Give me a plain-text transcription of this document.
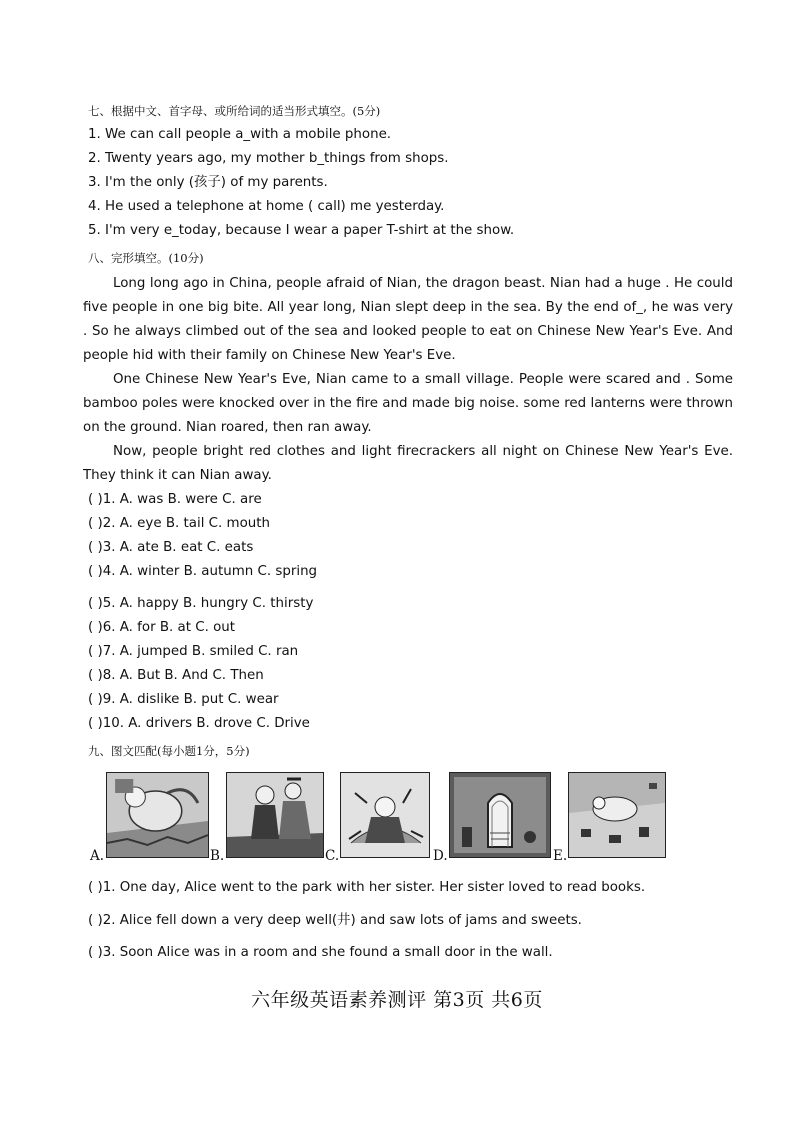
七、根据中文、首字母、或所给词的适当形式填空。(5分)
1. We can call people a_with a mobile phone.
2. Twenty years ago, my mother b_things from shops.
3. I'm the only (孩子) of my parents.
4. He used a telephone at home ( call) me yesterday.
5. I'm very e_today, because I wear a paper T-shirt at the show.
八、完形填空。(10分)
Long long ago in China, people afraid of Nian, the dragon beast. Nian had a huge . He could five people in one big bite. All year long, Nian slept deep in the sea. By the end of_, he was very . So he always climbed out of the sea and looked people to eat on Chinese New Year's Eve. And people hid with their family on Chinese New Year's Eve.
One Chinese New Year's Eve, Nian came to a small village. People were scared and . Some bamboo poles were knocked over in the fire and made big noise. some red lanterns were thrown on the ground. Nian roared, then ran away.
Now, people bright red clothes and light firecrackers all night on Chinese New Year's Eve. They think it can Nian away.
( )1. A. was B. were C. are
( )2. A. eye B. tail C. mouth
( )3. A. ate B. eat C. eats
( )4. A. winter B. autumn C. spring
( )5. A. happy B. hungry C. thirsty
( )6. A. for B. at C. out
( )7. A. jumped B. smiled C. ran
( )8. A. But B. And C. Then
( )9. A. dislike B. put C. wear
( )10. A. drivers B. drove C. Drive
九、图文匹配(每小题1分，5分)
A.	B.	C.	D.	E.
( )1. One day, Alice went to the park with her sister. Her sister loved to read books.
( )2. Alice fell down a very deep well(井) and saw lots of jams and sweets.
( )3. Soon Alice was in a room and she found a small door in the wall.
六年级英语素养测评 第3页 共6页
